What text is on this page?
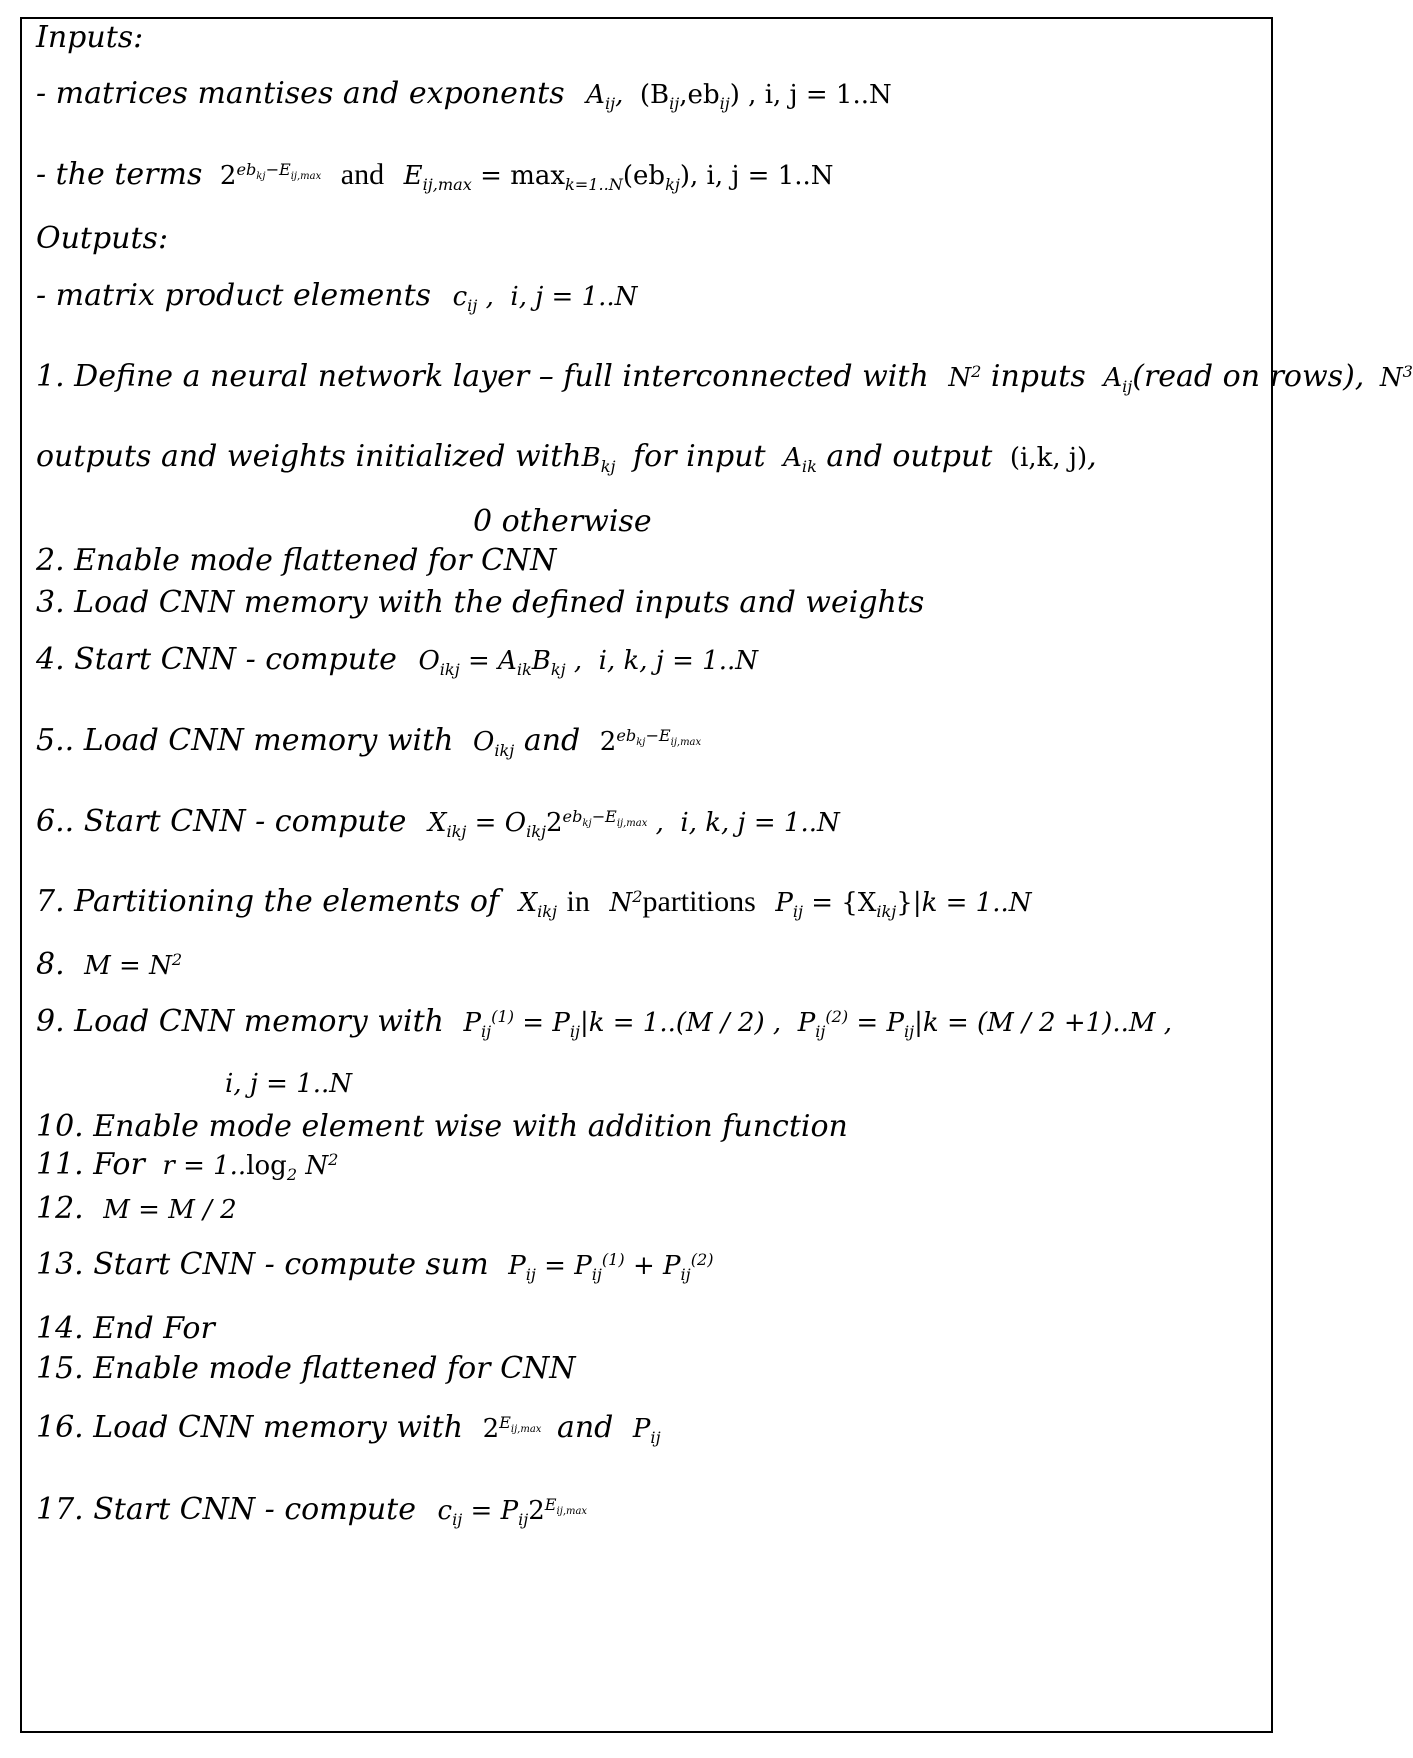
Inputs:
- matrices mantises and exponents $A_{ij}$,  $(B_{ij},eb_{ij})$ , i, j = 1..N
- the terms $2^{eb_{kj}-E_{ij,max}}$ and $E_{ij,max} = \max_{k=1..N}(eb_{kj})$, i, j = 1..N
Outputs:
- matrix product elements $c_{ij}$ ,  i, j = 1..N
1. Define a neural network layer – full interconnected with $N^2$ inputs $A_{ij}(read$ on rows), $N^3$
outputs and weights initialized withB$_{kj}$ for input $A_{ik}$ and output (i,k, j),
0 otherwise
2. Enable mode flattened for CNN
3. Load CNN memory with the defined inputs and weights
4. Start CNN - compute $O_{ikj} = A_{ik}B_{kj}$ ,  i, k, j = 1..N
5.. Load CNN memory with $O_{ikj}$ and $2^{eb_{kj}-E_{ij,max}}$
6.. Start CNN - compute $X_{ikj} = O_{ikj}2^{eb_{kj}-E_{ij,max}}$ ,  i, k, j = 1..N
7. Partitioning the elements of $X_{ikj}$ in $N^2partitions$ $P_{ij} = \{X_{ikj}\}|k = 1..N$
8. $M = N^2$
9. Load CNN memory with $P_{ij}^{(1)} = P_{ij}|k = 1..(M / 2)$ , $P_{ij}^{(2)} = P_{ij}|k = (M / 2 +1)..M$ ,
i, j = 1..N
10. Enable mode element wise with addition function
11. For $r = 1..\log_2$ $N^2$
12. M = M / 2
13. Start CNN - compute sum $P_{ij} = P_{ij}^{(1)} + P_{ij}^{(2)}$
14. End For
15. Enable mode flattened for CNN
16. Load CNN memory with $2^{E_{ij,max}}$ and $P_{ij}$
17. Start CNN - compute $c_{ij} = P_{ij}2^{E_{ij,max}}$
